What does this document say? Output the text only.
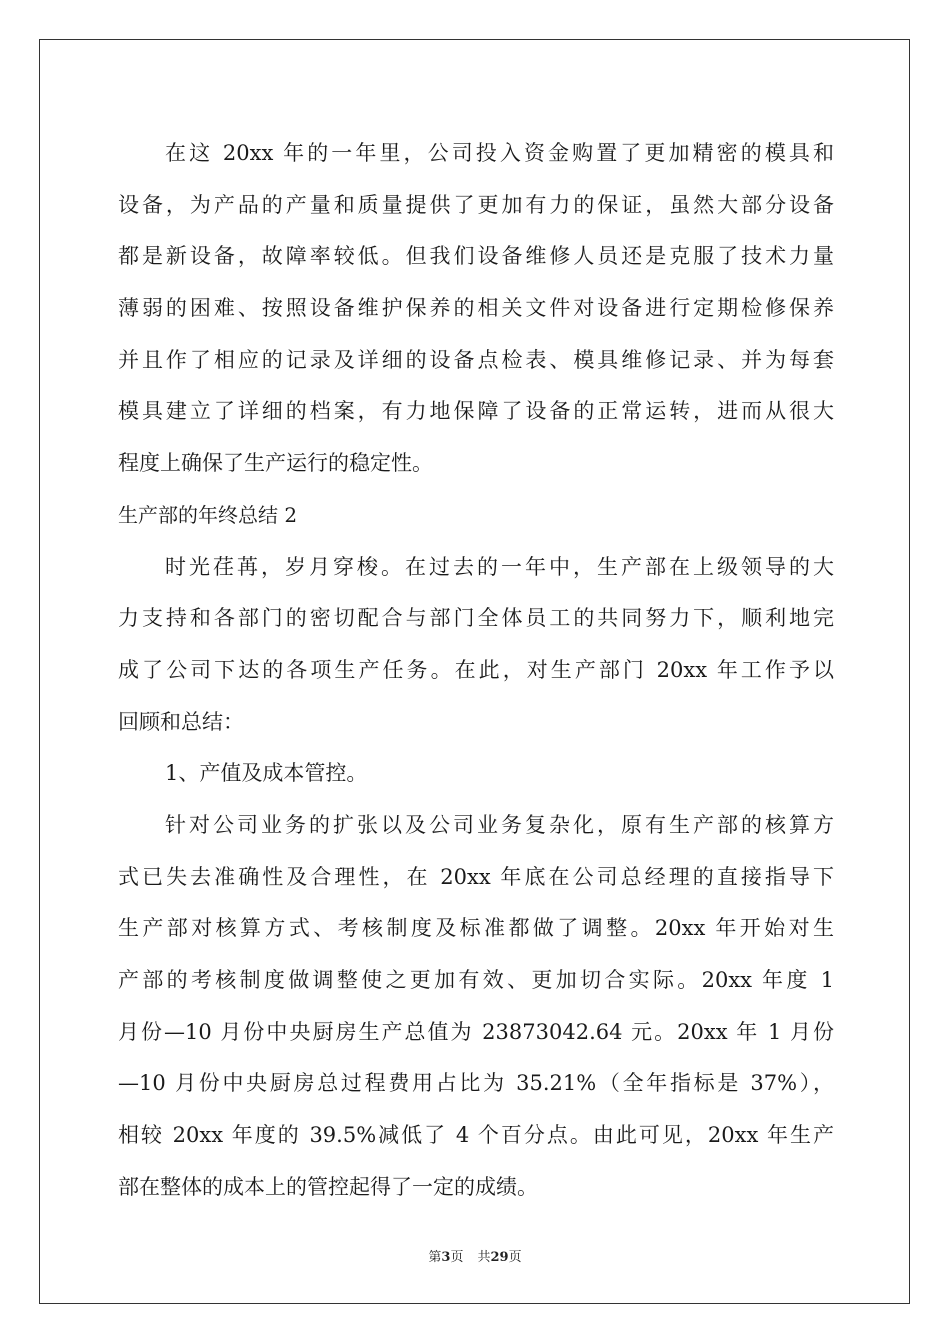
在这 20xx 年的一年里，公司投入资金购置了更加精密的模具和
设备，为产品的产量和质量提供了更加有力的保证，虽然大部分设备
都是新设备，故障率较低。但我们设备维修人员还是克服了技术力量
薄弱的困难、按照设备维护保养的相关文件对设备进行定期检修保养
并且作了相应的记录及详细的设备点检表、模具维修记录、并为每套
模具建立了详细的档案，有力地保障了设备的正常运转，进而从很大
程度上确保了生产运行的稳定性。
生产部的年终总结 2
时光荏苒，岁月穿梭。在过去的一年中，生产部在上级领导的大
力支持和各部门的密切配合与部门全体员工的共同努力下，顺利地完
成了公司下达的各项生产任务。在此，对生产部门 20xx 年工作予以
回顾和总结：
1、产值及成本管控。
针对公司业务的扩张以及公司业务复杂化，原有生产部的核算方
式已失去准确性及合理性，在 20xx 年底在公司总经理的直接指导下
生产部对核算方式、考核制度及标准都做了调整。20xx 年开始对生
产部的考核制度做调整使之更加有效、更加切合实际。20xx 年度 1
月份—10 月份中央厨房生产总值为 23873042.64 元。20xx 年 1 月份
—10 月份中央厨房总过程费用占比为 35.21%（全年指标是 37%），
相较 20xx 年度的 39.5%减低了 4 个百分点。由此可见，20xx 年生产
部在整体的成本上的管控起得了一定的成绩。
第3页 共29页
